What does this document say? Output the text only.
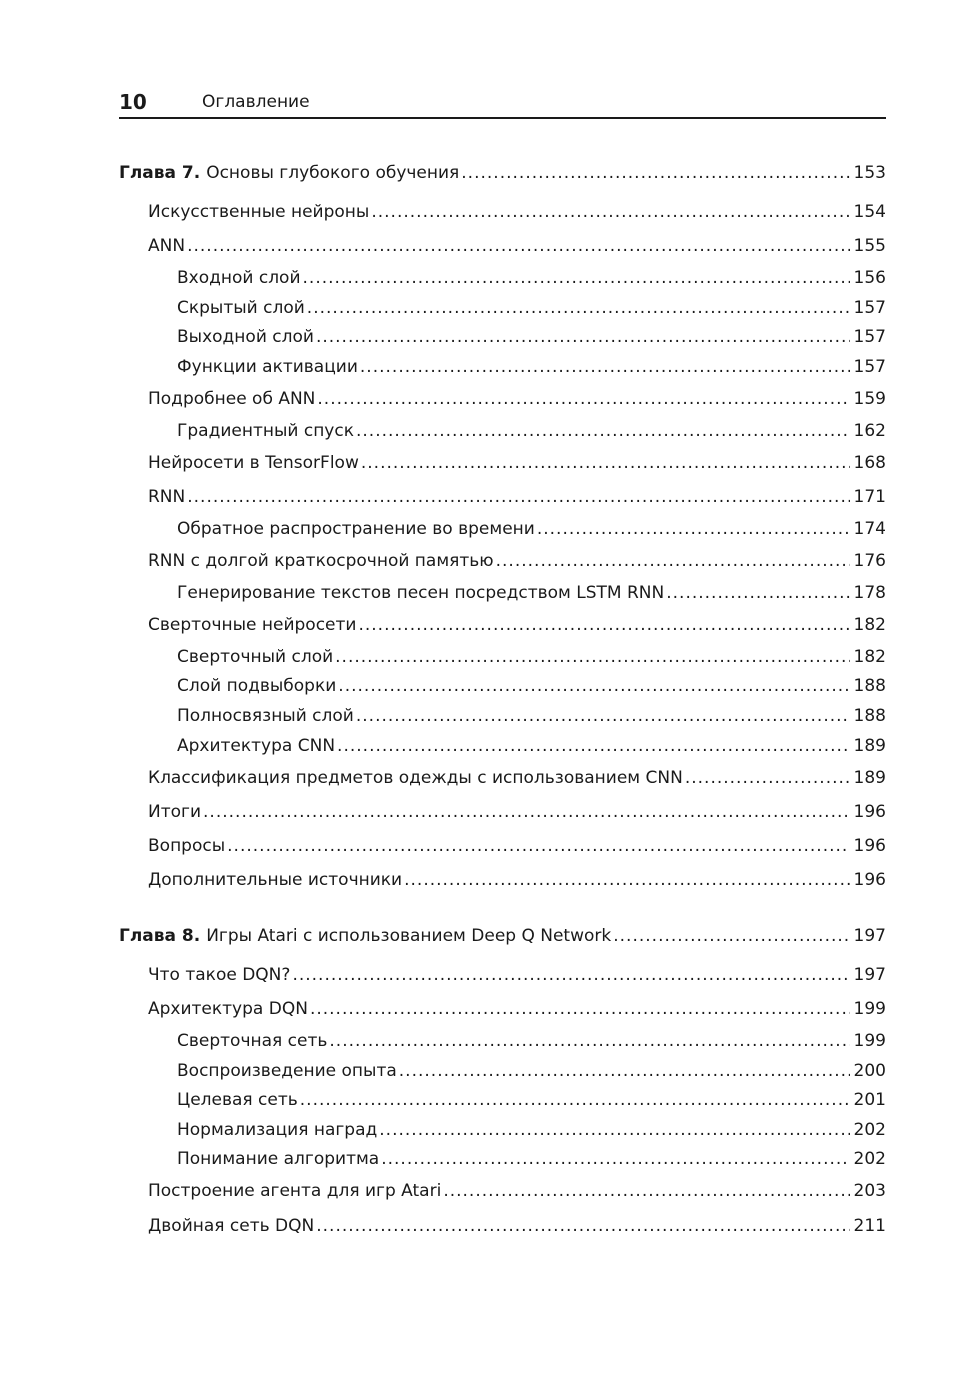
10	Оглавление
Глава 7. Основы глубокого обучения .....	153
Искусственные нейроны .....	154
ANN .....	155
Входной слой .....	156
Скрытый слой .....	157
Выходной слой .....	157
Функции активации .....	157
Подробнее об ANN .....	159
Градиентный спуск .....	162
Нейросети в TensorFlow .....	168
RNN .....	171
Обратное распространение во времени .....	174
RNN с долгой краткосрочной памятью .....	176
Генерирование текстов песен посредством LSTM RNN .....	178
Сверточные нейросети .....	182
Сверточный слой .....	182
Слой подвыборки .....	188
Полносвязный слой .....	188
Архитектура CNN .....	189
Классификация предметов одежды с использованием CNN .....	189
Итоги .....	196
Вопросы .....	196
Дополнительные источники .....	196
Глава 8. Игры Atari с использованием Deep Q Network .....	197
Что такое DQN? .....	197
Архитектура DQN .....	199
Сверточная сеть .....	199
Воспроизведение опыта .....	200
Целевая сеть .....	201
Нормализация наград .....	202
Понимание алгоритма .....	202
Построение агента для игр Atari .....	203
Двойная сеть DQN .....	211
